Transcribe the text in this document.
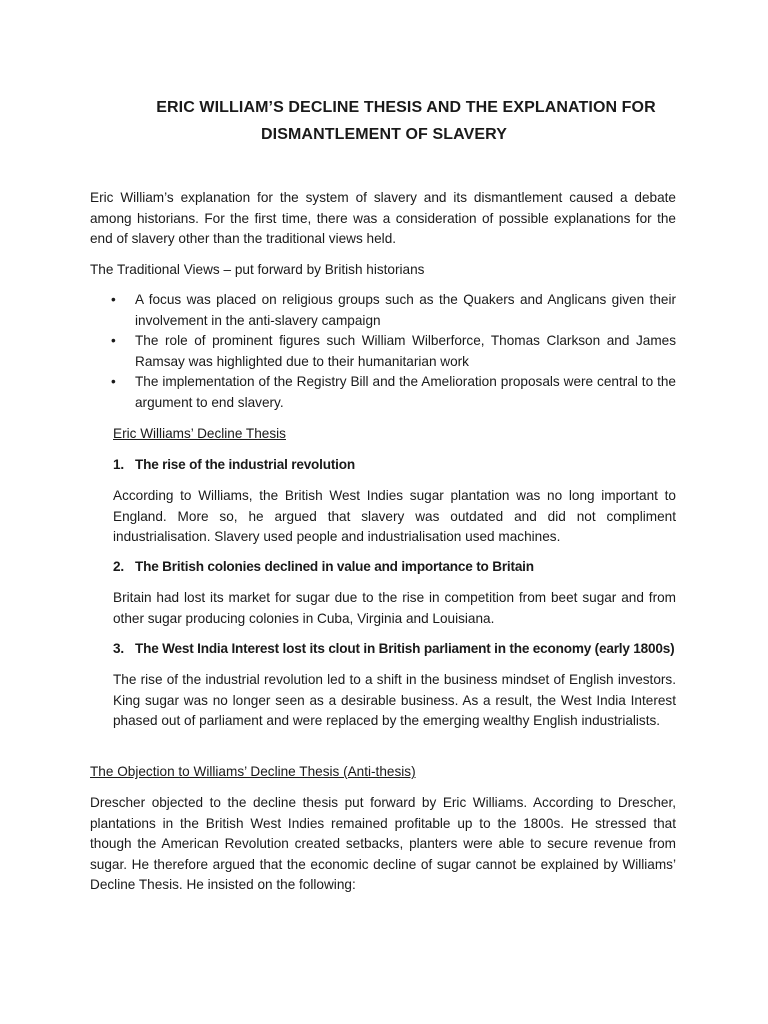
ERIC WILLIAM’S DECLINE THESIS AND THE EXPLANATION FOR
DISMANTLEMENT OF SLAVERY

Eric William’s explanation for the system of slavery and its dismantlement caused a debate among historians. For the first time, there was a consideration of possible explanations for the end of slavery other than the traditional views held.

The Traditional Views – put forward by British historians

• A focus was placed on religious groups such as the Quakers and Anglicans given their involvement in the anti-slavery campaign
• The role of prominent figures such William Wilberforce, Thomas Clarkson and James Ramsay was highlighted due to their humanitarian work
• The implementation of the Registry Bill and the Amelioration proposals were central to the argument to end slavery.

Eric Williams’ Decline Thesis

1. The rise of the industrial revolution

According to Williams, the British West Indies sugar plantation was no long important to England. More so, he argued that slavery was outdated and did not compliment industrialisation. Slavery used people and industrialisation used machines.

2. The British colonies declined in value and importance to Britain

Britain had lost its market for sugar due to the rise in competition from beet sugar and from other sugar producing colonies in Cuba, Virginia and Louisiana.

3. The West India Interest lost its clout in British parliament in the economy (early 1800s)

The rise of the industrial revolution led to a shift in the business mindset of English investors. King sugar was no longer seen as a desirable business. As a result, the West India Interest phased out of parliament and were replaced by the emerging wealthy English industrialists.

The Objection to Williams’ Decline Thesis (Anti-thesis)

Drescher objected to the decline thesis put forward by Eric Williams. According to Drescher, plantations in the British West Indies remained profitable up to the 1800s. He stressed that though the American Revolution created setbacks, planters were able to secure revenue from sugar. He therefore argued that the economic decline of sugar cannot be explained by Williams’ Decline Thesis. He insisted on the following:
